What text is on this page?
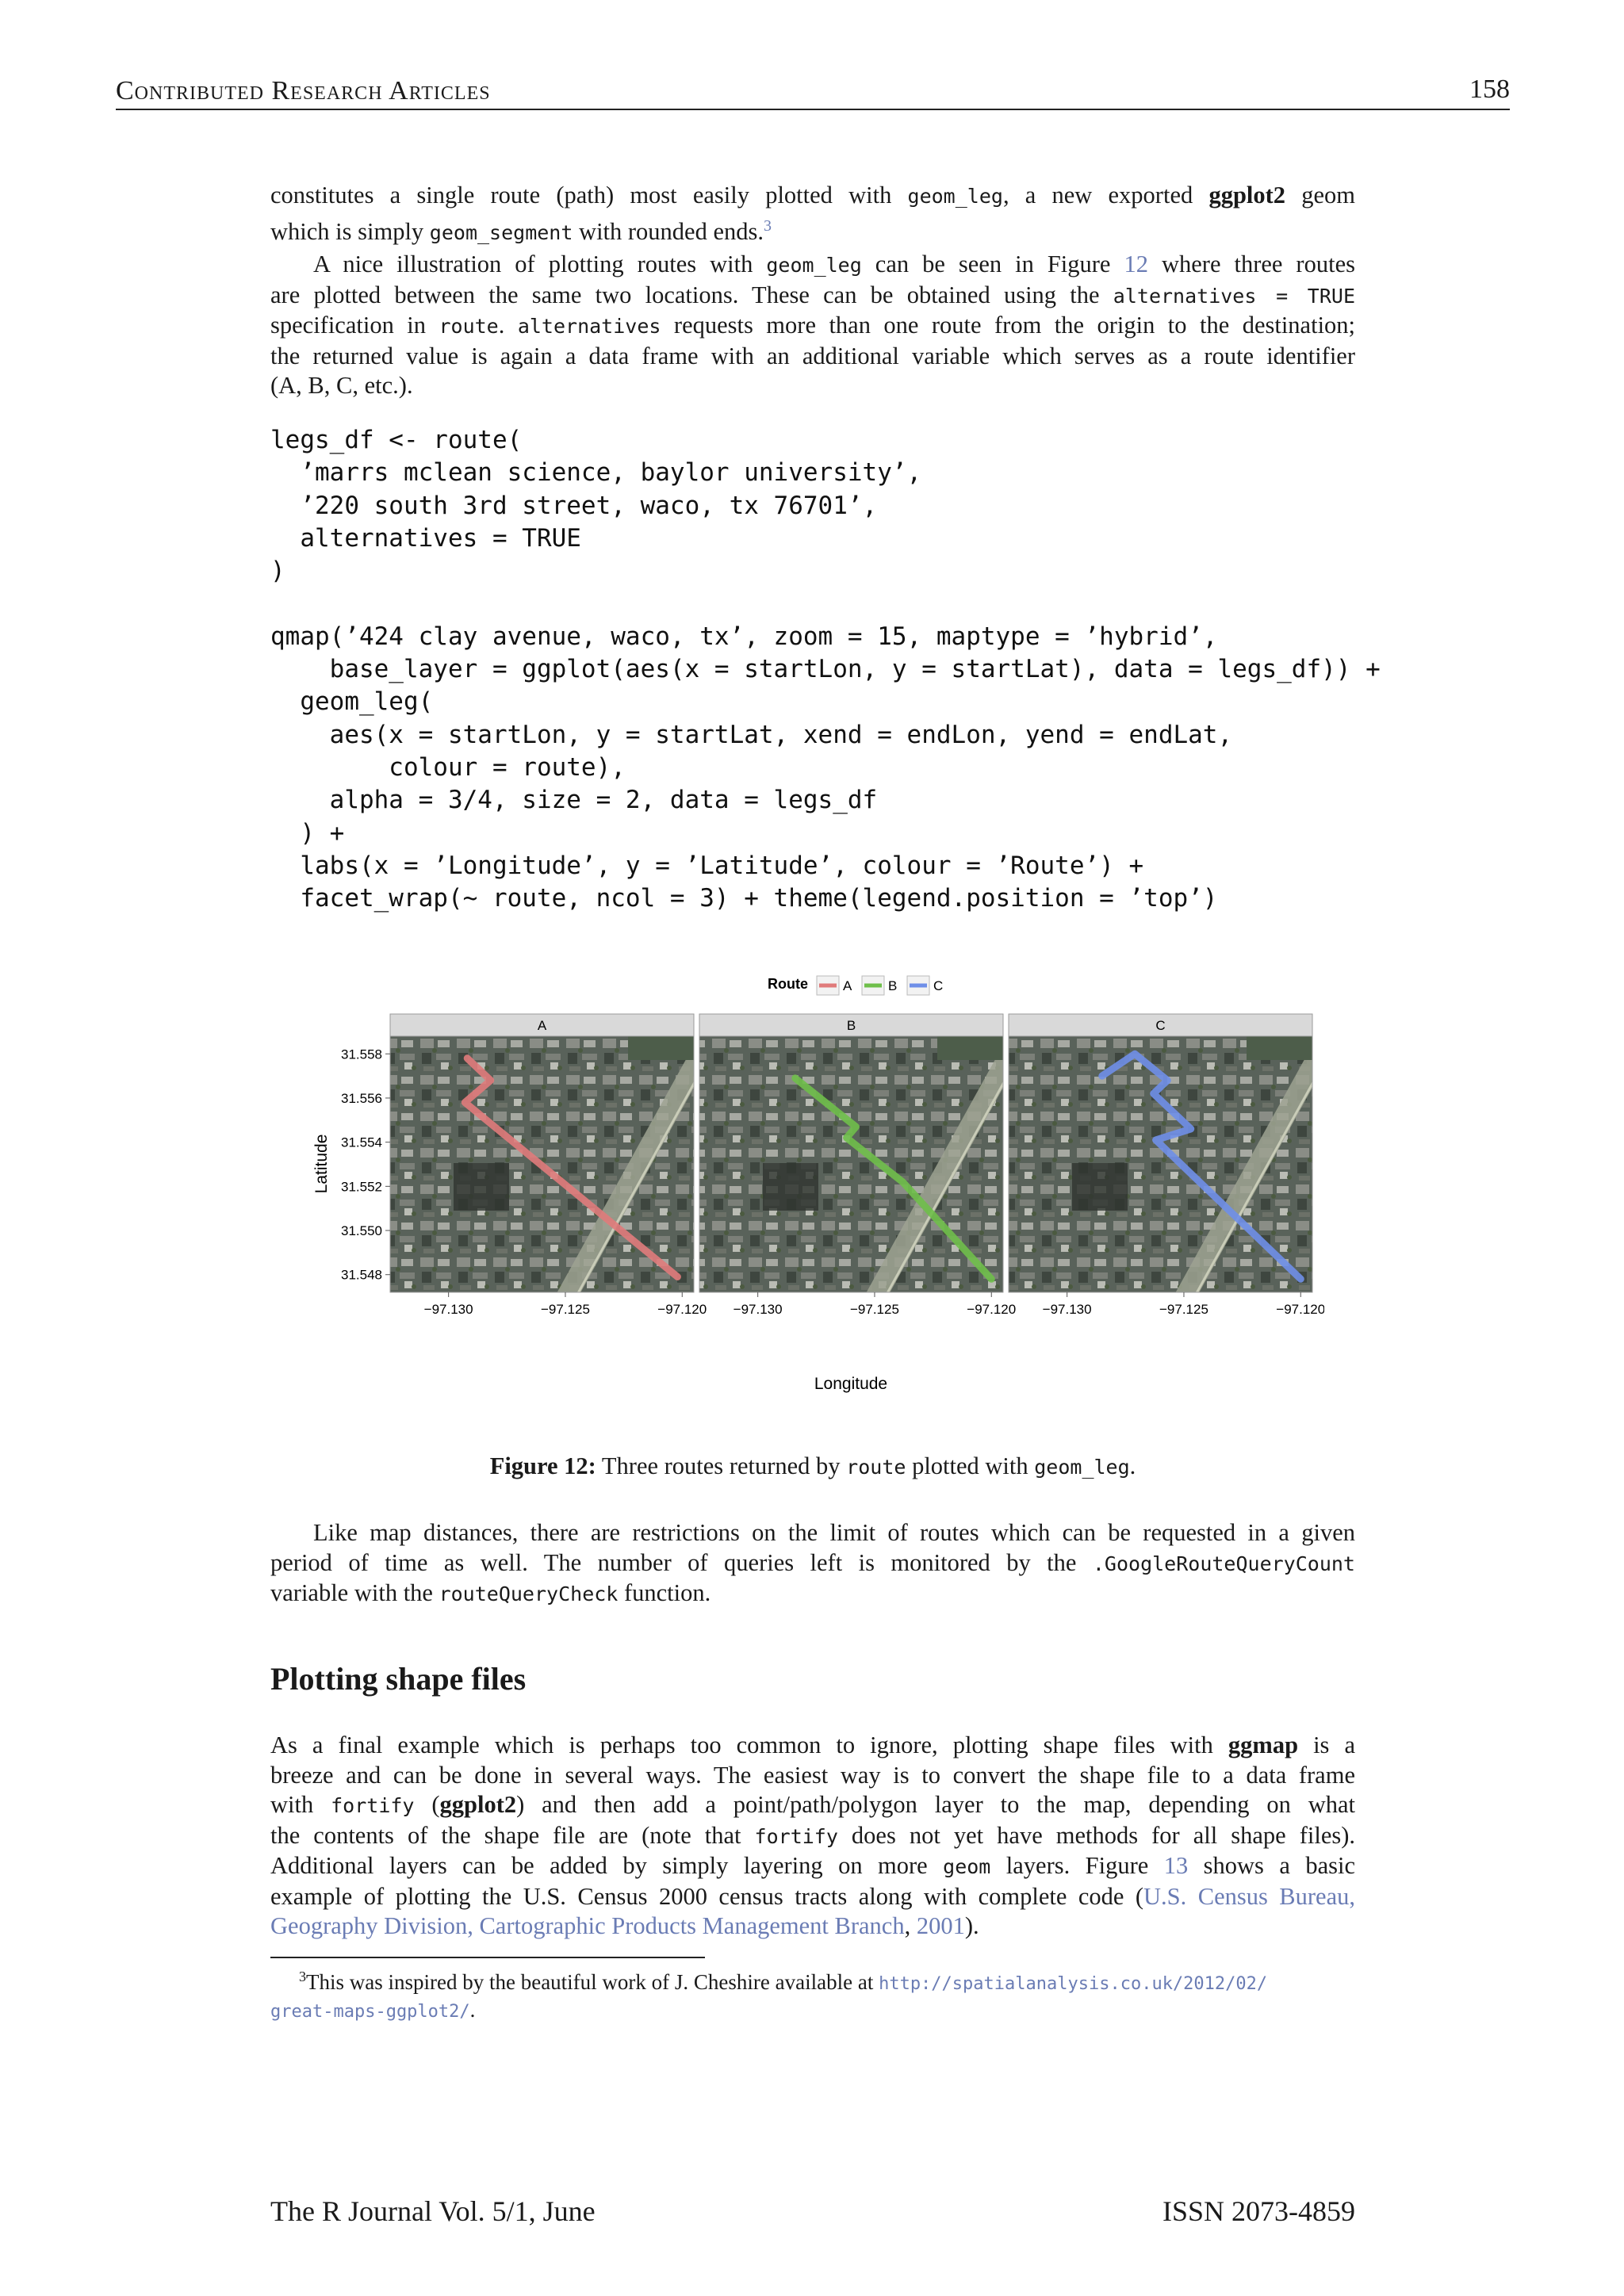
Contributed Research Articles	158
constitutes a single route (path) most easily plotted with geom_leg, a new exported ggplot2 geom
which is simply geom_segment with rounded ends.$^3$
A nice illustration of plotting routes with geom_leg can be seen in Figure 12 where three routes
are plotted between the same two locations. These can be obtained using the alternatives = TRUE
specification in route. alternatives requests more than one route from the origin to the destination;
the returned value is again a data frame with an additional variable which serves as a route identifier
(A, B, C, etc.).
legs_df <- route(
’marrs mclean science, baylor university’,
’220 south 3rd street, waco, tx 76701’,
alternatives = TRUE
)

qmap(’424 clay avenue, waco, tx’, zoom = 15, maptype = ’hybrid’,
base_layer = ggplot(aes(x = startLon, y = startLat), data = legs_df)) +
geom_leg(
aes(x = startLon, y = startLat, xend = endLon, yend = endLat,
colour = route),
alpha = 3/4, size = 2, data = legs_df
) +
labs(x = ’Longitude’, y = ’Latitude’, colour = ’Route’) +
facet_wrap(~ route, ncol = 3) + theme(legend.position = ’top’)
Route	A	B	C
A	B	C
31.558
31.556
31.554
31.552
31.550
31.548
Latitude
−97.130	−97.125	−97.120 −97.130	−97.125	−97.120 −97.130	−97.125	−97.120
Longitude
Figure 12: Three routes returned by route plotted with geom_leg.
Like map distances, there are restrictions on the limit of routes which can be requested in a given
period of time as well. The number of queries left is monitored by the .GoogleRouteQueryCount
variable with the routeQueryCheck function.
Plotting shape files
As a final example which is perhaps too common to ignore, plotting shape files with ggmap is a
breeze and can be done in several ways. The easiest way is to convert the shape file to a data frame
with fortify (ggplot2) and then add a point/path/polygon layer to the map, depending on what
the contents of the shape file are (note that fortify does not yet have methods for all shape files).
Additional layers can be added by simply layering on more geom layers. Figure 13 shows a basic
example of plotting the U.S. Census 2000 census tracts along with complete code (U.S. Census Bureau,
Geography Division, Cartographic Products Management Branch, 2001).
$^3$This was inspired by the beautiful work of J. Cheshire available at http://spatialanalysis.co.uk/2012/02/
great-maps-ggplot2/.
The R Journal Vol. 5/1, June	ISSN 2073-4859
